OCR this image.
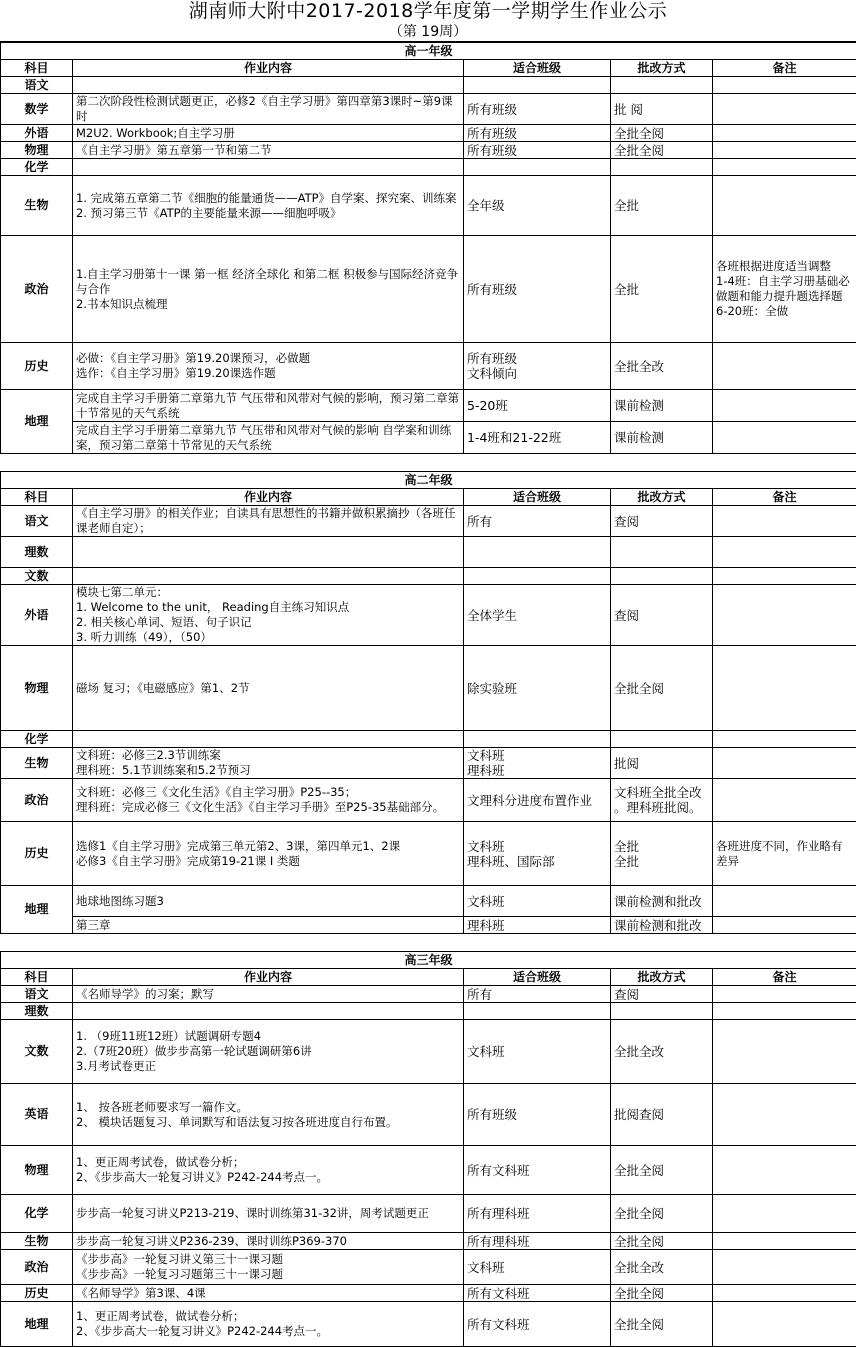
湖南师大附中2017-2018学年度第一学期学生作业公示
（第 19周）
高一年级				
科目	作业内容	适合班级	批改方式	备注
语文				
数学	第二次阶段性检测试题更正，必修2《自主学习册》第四章第3课时~第9课时	所有班级	批 阅	

外语	M2U2. Workbook;自主学习册	所有班级	全批全阅	

物理	《自主学习册》第五章第一节和第二节	所有班级	全批全阅	

化学				
生物	1. 完成第五章第二节《细胞的能量通货——ATP》自学案、探究案、训练案
2. 预习第三节《ATP的主要能量来源——细胞呼吸》	全年级	全批	

政治	1.自主学习册第十一课 第一框 经济全球化 和第二框 积极参与国际经济竞争与合作
2.书本知识点梳理	所有班级	全批	各班根据进度适当调整
1-4班：自主学习册基础必做题和能力提升题选择题
6-20班：全做

历史	必做：《自主学习册》第19.20课预习，必做题
选作：《自主学习册》第19.20课选作题	所有班级
文科倾向	全批全改	

地理	完成自主学习手册第二章第九节 气压带和风带对气候的影响，预习第二章第十节常见的天气系统	5-20班	课前检测	

	完成自主学习手册第二章第九节 气压带和风带对气候的影响 自学案和训练案，预习第二章第十节常见的天气系统	1-4班和21-22班	课前检测	

高二年级				
科目	作业内容	适合班级	批改方式	备注
语文	《自主学习册》的相关作业；自读具有思想性的书籍并做积累摘抄（各班任课老师自定）；	所有	查阅	

理数				
文数				
外语	模块七第二单元：
1. Welcome to the unit， Reading自主练习知识点
2. 相关核心单词、短语、句子识记
3. 听力训练（49），（50）	全体学生	查阅	

物理	磁场 复习；《电磁感应》第1、2节	除实验班	全批全阅	

化学				
生物	文科班：必修三2.3节训练案
理科班：5.1节训练案和5.2节预习	文科班
理科班	批阅	

政治	文科班：必修三《文化生活》《自主学习册》P25--35；
理科班：完成必修三《文化生活》《自主学习手册》至P25-35基础部分。	文理科分进度布置作业	文科班全批全改
。理科班批阅。	

历史	选修1《自主学习册》完成第三单元第2、3课，第四单元1、2课
必修3《自主学习册》完成第19-21课 I 类题	文科班
理科班、国际部	全批
全批	各班进度不同，作业略有差异

地理	地球地图练习题3	文科班	课前检测和批改	

	第三章	理科班	课前检测和批改	

高三年级				
科目	作业内容	适合班级	批改方式	备注
语文	《名师导学》的习案；默写	所有	查阅	

理数				
文数	1. （9班11班12班）试题调研专题4
2.（7班20班）做步步高第一轮试题调研第6讲
3.月考试卷更正	文科班	全批全改	

英语	1、 按各班老师要求写一篇作文。
2、 模块话题复习、单词默写和语法复习按各班进度自行布置。	所有班级	批阅查阅	

物理	1、更正周考试卷，做试卷分析；
2、《步步高大一轮复习讲义》P242-244考点一。	所有文科班	全批全阅	

化学	步步高一轮复习讲义P213-219、课时训练第31-32讲，周考试题更正	所有理科班	全批全阅	

生物	步步高一轮复习讲义P236-239、课时训练P369-370	所有理科班	全批全阅	

政治	《步步高》一轮复习讲义第三十一课习题
《步步高》一轮复习习题第三十一课习题	文科班	全批全改	

历史	《名师导学》第3课、4课	所有文科班	全批全阅	

地理	1、更正周考试卷，做试卷分析；
2、《步步高大一轮复习讲义》P242-244考点一。	所有文科班	全批全阅	
